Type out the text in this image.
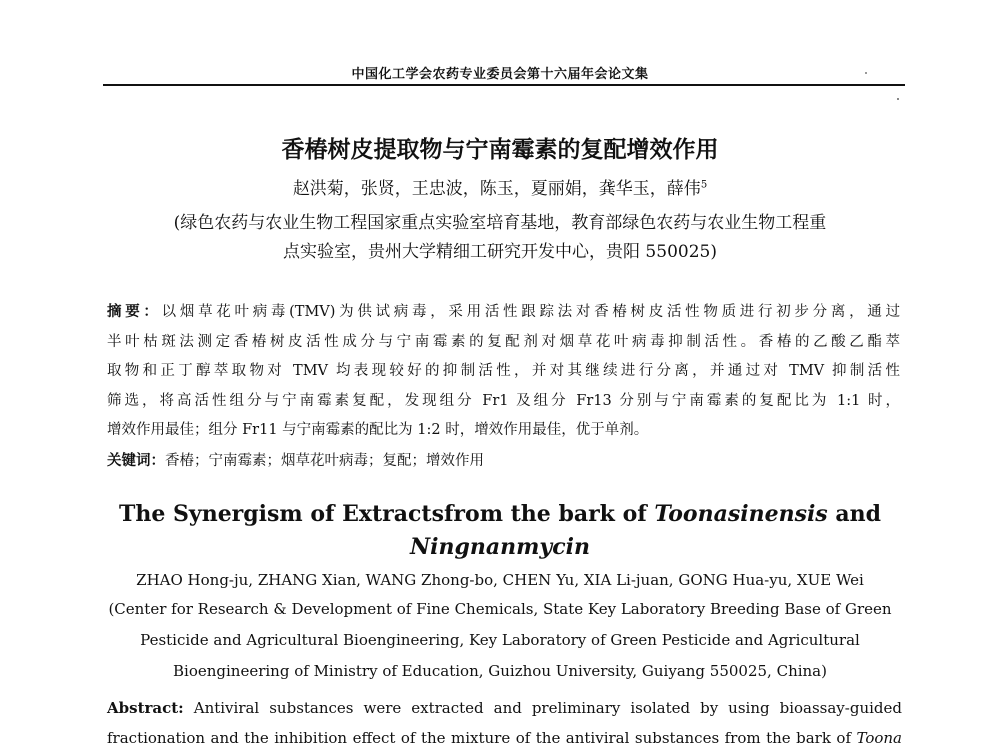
中国化工学会农药专业委员会第十六届年会论文集
香椿树皮提取物与宁南霉素的复配增效作用
赵洪菊，张贤，王忠波，陈玉，夏丽娟，龚华玉，薛伟$^5$
(绿色农药与农业生物工程国家重点实验室培育基地，教育部绿色农药与农业生物工程重
点实验室，贵州大学精细工研究开发中心，贵阳 550025)
摘要：以烟草花叶病毒(TMV)为供试病毒，采用活性跟踪法对香椿树皮活性物质进行初步分离，通过
半叶枯斑法测定香椿树皮活性成分与宁南霉素的复配剂对烟草花叶病毒抑制活性。香椿的乙酸乙酯萃
取物和正丁醇萃取物对 TMV 均表现较好的抑制活性，并对其继续进行分离，并通过对 TMV 抑制活性
筛选，将高活性组分与宁南霉素复配，发现组分 Fr1 及组分 Fr13 分别与宁南霉素的复配比为 1:1 时，
增效作用最佳；组分 Fr11 与宁南霉素的配比为 1:2 时，增效作用最佳，优于单剂。
关键词：香椿；宁南霉素；烟草花叶病毒；复配；增效作用
The Synergism of Extractsfrom the bark of Toonasinensis and
Ningnanmycin
ZHAO Hong-ju, ZHANG Xian, WANG Zhong-bo, CHEN Yu, XIA Li-juan, GONG Hua-yu, XUE Wei
(Center for Research & Development of Fine Chemicals, State Key Laboratory Breeding Base of Green
Pesticide and Agricultural Bioengineering, Key Laboratory of Green Pesticide and Agricultural
Bioengineering of Ministry of Education, Guizhou University, Guiyang 550025, China)
Abstract: Antiviral substances were extracted and preliminary isolated by using bioassay-guided
fractionation and the inhibition effect of the mixture of the antiviral substances from the bark of Toona
